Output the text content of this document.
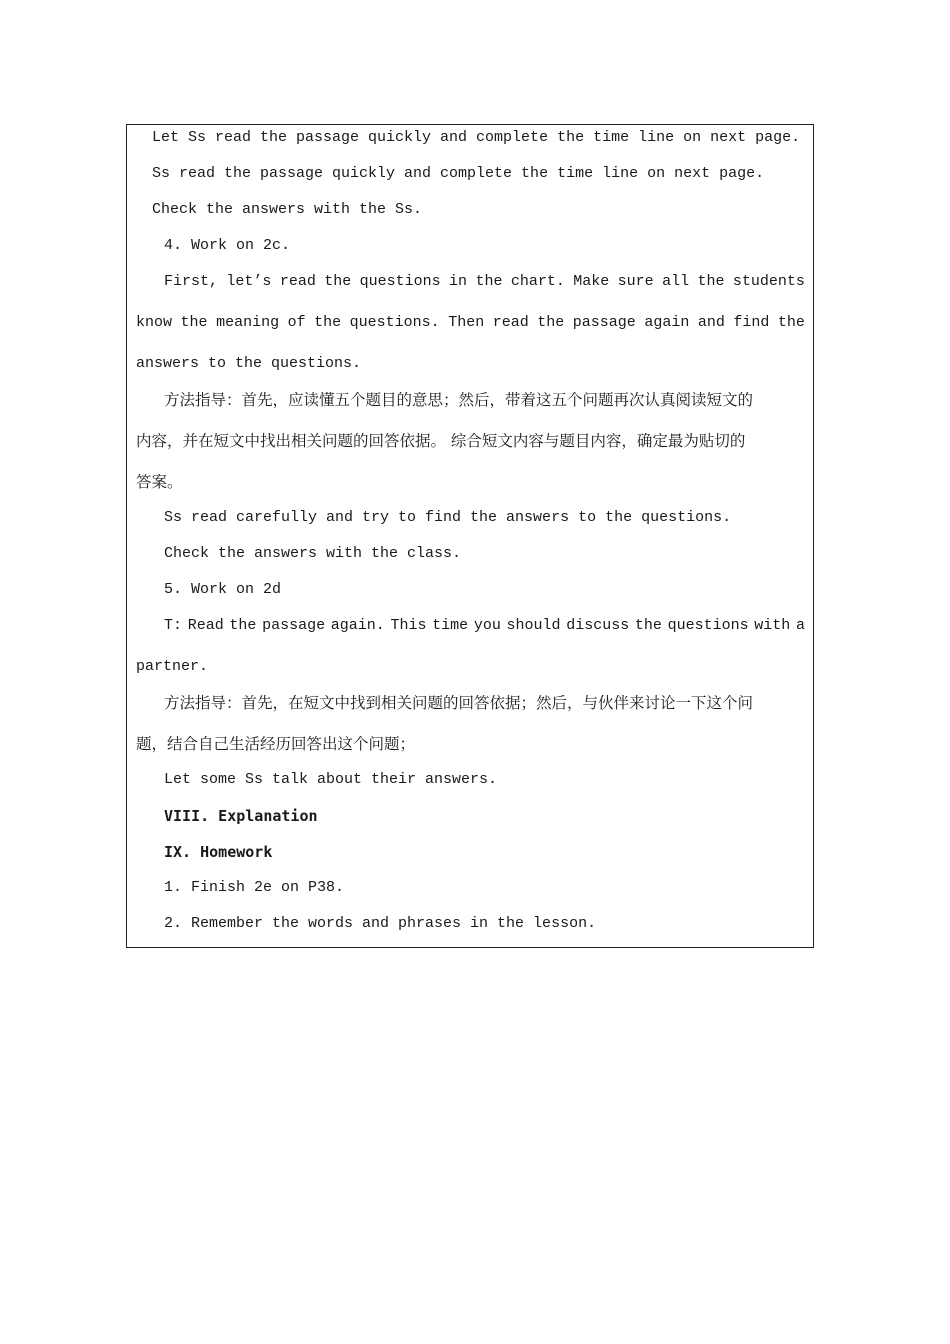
Let Ss read the passage quickly and complete the time line on next page.

Ss read the passage quickly and complete the time line on next page.

Check the answers with the Ss.

4. Work on 2c.

First, let’s read the questions in the chart. Make sure all the students

know the meaning of the questions. Then read the passage again and find the

answers to the questions.

方法指导：首先，应读懂五个题目的意思；然后，带着这五个问题再次认真阅读短文的

内容，并在短文中找出相关问题的回答依据。 综合短文内容与题目内容，确定最为贴切的

答案。

Ss read carefully and try to find the answers to the questions.

Check the answers with the class.

5. Work on 2d

T: Read the passage again. This time you should discuss the questions with a

partner.

方法指导：首先，在短文中找到相关问题的回答依据；然后，与伙伴来讨论一下这个问

题，结合自己生活经历回答出这个问题；

Let some Ss talk about their answers.

VIII. Explanation

IX. Homework

1. Finish 2e on P38.

2. Remember the words and phrases in the lesson.
